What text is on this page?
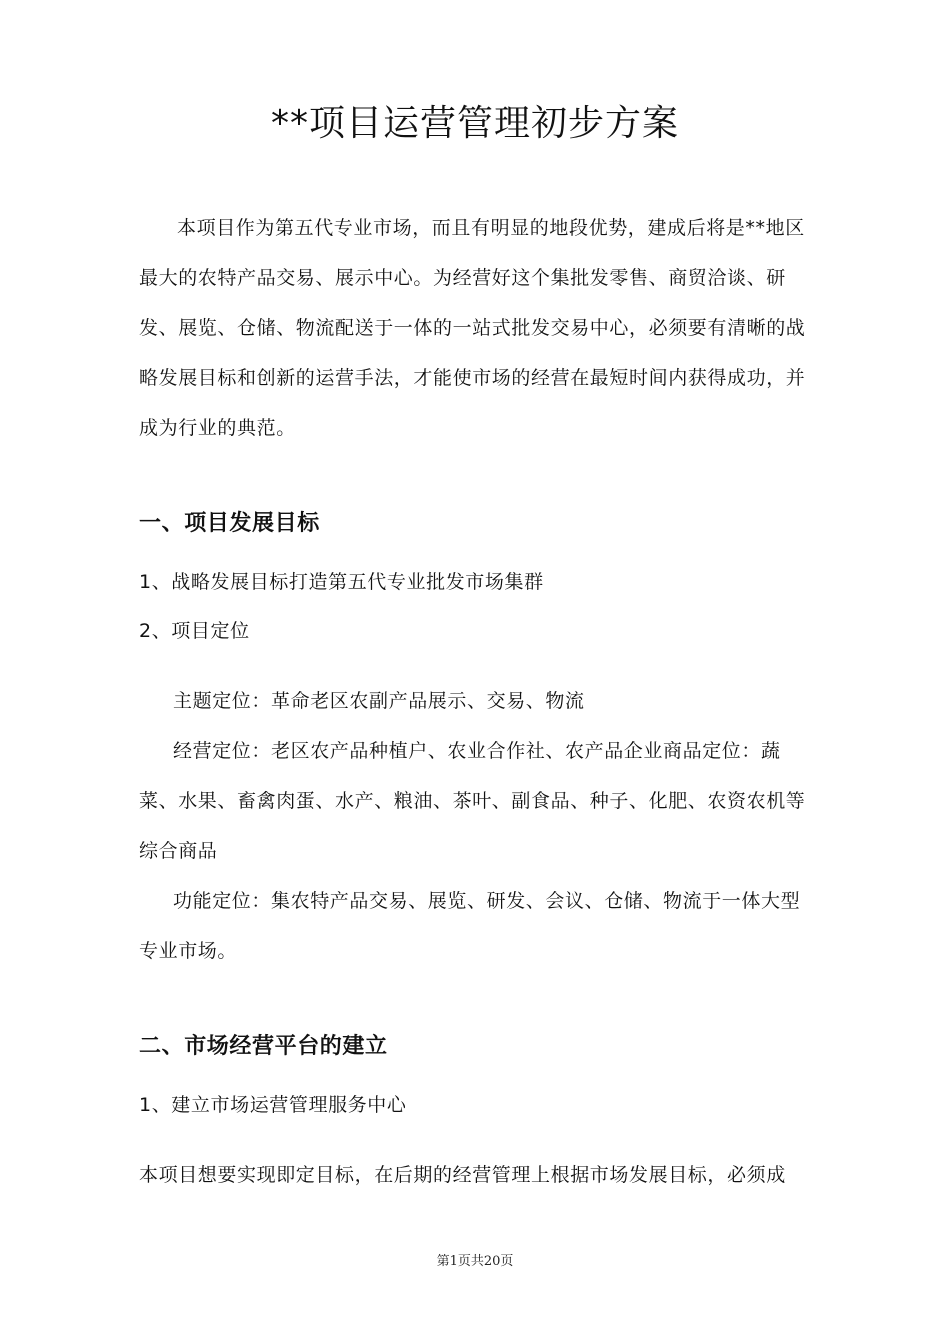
**项目运营管理初步方案

本项目作为第五代专业市场，而且有明显的地段优势，建成后将是**地区最大的农特产品交易、展示中心。为经营好这个集批发零售、商贸洽谈、研发、展览、仓储、物流配送于一体的一站式批发交易中心，必须要有清晰的战略发展目标和创新的运营手法，才能使市场的经营在最短时间内获得成功，并成为行业的典范。

一、项目发展目标

1、战略发展目标打造第五代专业批发市场集群

2、项目定位

主题定位：革命老区农副产品展示、交易、物流

经营定位：老区农产品种植户、农业合作社、农产品企业商品定位：蔬菜、水果、畜禽肉蛋、水产、粮油、茶叶、副食品、种子、化肥、农资农机等综合商品

功能定位：集农特产品交易、展览、研发、会议、仓储、物流于一体大型专业市场。

二、市场经营平台的建立

1、建立市场运营管理服务中心

本项目想要实现即定目标，在后期的经营管理上根据市场发展目标，必须成

第1页共20页
